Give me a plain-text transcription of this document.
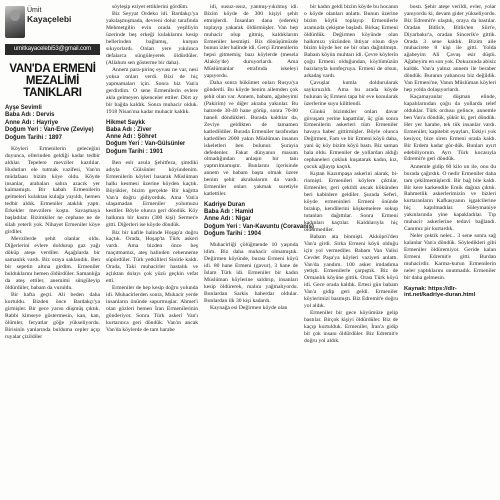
Ümit
Kayaçelebi
umitkayacelebi53@gmail.com
VAN'DA ERMENİ
MEZALİMİ
TANIKLARI
Ayşe Sevimli
Baba Adı : Dervis
Anne Adı : Hayriye
Doğum Yeri : Van-Erve (Zeviye)
Doğum Tarihi : 1897

Köyleri Ermenilerin geleceğini duyunca, ellerinden geldiği kadar tedbir aldılar. Tepelere mevziler kazdılar. Hudutları ele tutmak vazifesi, Van'ın müdafaası bizim köye oldu. Köyde insanlar, arabaları sahra azacık yer kalmamıştı. Bir kabah Ermenilerin gelmeleri kulaktan kulağa yayıldı, hemen tedbir aldık. Ermeniler ataklık yaptı. Erkekler mevzilere koştu. Savaşmaya başladılar. Bizimkiler ne cephane ne de silah yeterli yok. Nihayet Ermeniler köye girdiler.

Mevzilerde şehit olanlar oldu. Diğerlerini evlere doldurup gaz yağı döküp ateşe verdiler. Aşağılarda bir samanlık vardı. Biz oraya saklandık. Ben bir sepetin altına girdim. Ermeniler bulduklarını hemen öldürdüler. Samanlığa da ateş ettiler, anemimi süngüleyip öldürdüler, babam da vuruldu.

Bir hafta geçti. Ali beden daha kurtuldu. Bizden önce Bardakçı'ya girmişler. Bir gece yarısı düşmüş çıktık. Rabbi kimseye göstermesin, kan, kan, ölümler, feryatlar göğe yükseliyordu. Birisinin yanlarında bulduma cepler açıp ruyalar çizildiler

söyleşip eziyet ettiklerini gördüm.

Biz Seyyat Ordeko idi. Bardakçı'ya yakılaşmışmada, devreni dolur tarafında Mehmetgilin evin orada yeşilliyin üzerinde beş erkeği kulaklarını kesip bellerinden bağlamış, kurşun sıkıyorlardı. Onları yere yıkılınca defalarca süngüleyerek öldürdüler. (Allahım sen gösterme bir daha).

Annem para-pirinç eyvası ne var, nesi yoksa onları verdi. Bizi de hiç yapmamaları için. Sonra biz Van'a gerdirdim. O sene Ermenilerin evlere akla gelmeyen işkenceler ettiler. Dört ay bir bağda kaldık. Sonra muhacir olduk. 1918 Nisan'ına kadar muhacir kaldık.

Hikmet Saykk
Baba Adı : Ziver
Anne Adı : Şöhret
Doğum Yeri : Van-Gülsünler
Doğum Tarihi : 1901

Ben esir arsıla Şehitfeza, şimdiki adıyla Gülsünler köyündenim. Ermenilerin köyleri basarak Müslüman halkı kesmesi üzerine köyden kaçtık. Büyükler, bizim gerçekte Bir kağıtta Van'a doğru gidiyorduk. Ama Van'a ulaşamadan Ermeniler yolumuzu kestiler. Böyle olunca geri döndük. Köy halkının bir kısmı (300 kişi) Sermer'e gitti. Diğerleri ise köyde döndük.

Biz bir kafile halinde Hoşap'a doğru kaçtık. Orada, Hoşap'ta Türk askeri vardı. Ama bizden önce beş maçıtmamız, ateş halinden cehenneme süpürdüler. Türk yetkilileri Sinirle kaldı. Orada, Taki muhacirler hastalık ve açlıktan dolayı çok yüzü geçkin vefat etti.

Ermeniler de hep kesip doğru yolunda idi. Muhacirlerden sonra, Muhacir yerde insanların önünde sapurmuşlar. Ahmet'i olan gözleri hemen İran Ermenilerinin gönderiyor. Sonra Türk askeri Van'ı kurtarınca geri döndük. Van'ın ancak Van'da köylerde de tam harabe

idi, susuz-ıssız, yanmış-yıkılmış idi. Bizim köyde de 300 kişiyi şehit etmişlerdi. İnsanları dana (ederek) toplayıp yakarak öldürmüşler. Van hep muhacir olup gitmiş, kaldıklarım Ermeniler kesmişti. Biz dönüşümüzde bunun izler halinde idi. Gerçi Ermenilerin hepsi gitmemiş; bazı köylerde (mesela Alaköy'de) duruyorlardı. Ama Müslümanlar etrafında iskeleyi yapıyordu.

Daha sonra hükümet onları Rusya'ya gönderdi. Bu köyde benim ailemden çok şehit olan var. Annem, babam, ağabeyimi (Pakirim) ve diğer akraba yakınlar. Bu hatırede 30-40 hane görüp, sonra 70-80 haneli döndükleri. Burada kaldılar da, Zeviye geldikten de tamamen katledildiler. Burada Ermeniler tarafından katledilen 2000 yakın Müslüman insanın iskeletleri ben bulunur. Şurayia defedenler. Fakat dünyanın masum olmadığından anlaşın bir tanı yaptırılmamıştır. Bunlarını içerisinde annem ve babam başta olmak üzere benim şehit akrabalarım da vardı. Ermeniler onları yakmak suretiyle katlettiler.

Kadriye Duran
Baba Adı : Hamid
Anne Adı : Nigar
Doğum Yeri : Van-Kavuntu (Coravanis)
Doğum Tarihi : 1904

Muhacirliği çölüğmende 10 yaşında idim. Biz daha muhacir olmamıştık. Değirmen köyünde, burası Ermeni köyü idi. 80 hane Ermeni (gavur), 3 hane de İslam Türk idi. Ermeniler bir kadın Müslüman köylerine saldırıp, insanları kesip öldürerek, malını yağmalıyordu. Bunlardan Sarkis haberdar oldular. Bunlardan ilk 30 kişi kadardı.

Kaynağa esi Değirmen köyde olan

bir kadın geldi bizim köyde bu hocanın o köyde olanları anlattı. Bunun üzerine bizim köylü toplayıp Ermenilerle aramızda çekişme başladı. Birkaç Ermeni öldürdük. Değirmen köyünde olan halkımızı yüzünden ihtiyar olsun diye bizim köyde her ne bir olan dağıtılmıştı. Babam köyün muhtarı idi. Çevre köylerin çoğu Ermeni olduğundan, köylümüzün bazılarıyla konfeçruya. Ermeni de olsun, arkadaş vardı.

Çavuşlar kumla doldurularak saykıruzıldı. Ama bu arada köyde bulunan üç Ermeni tapa bir eve konularak üzerlerine suyu kilitlendi.

Günkü bizimkiler onları davar güvuşam yerine kapattılar, üç gün sonra Ermenilerin askerleri tüm Ermeniler havaya haber gittirmişler. Böyle olunca Değirmen, Fam ve bir Ermeni köyü daha, yani üç köy bizim köyü bastı. Biz saman bala oldu. Ermeniler de yollardan aldığı cephaneleri çokluk kuşatarak kadın, kız, çocuk ağlayıp kaçtık.

Kıştan Kazımpaşa askerini alarak, bi-rinmişti. Ermenileri köylere çıktılar. Ermeniler, geri çekildi ancak kökünden beri kabinlere geldiler. Şurada Seferi, köyde ermeninleri Ermeni önünde bırakıp, kendilerini köşkemelere sokup tutanları dağıttılar. Sonra Ermeni kadınları kaçtılar. Kaldılarıyla hiç öldürmediler.

Babam ata binmişti. Akköprü'den Van'a girdi. Sirka Ermeni köyü olduğu için yol vermediler. Babam Van Valisi Cevdet Paşa'ya köyleri vaziyeti anlattı. Van'da yandım. 100 asker imdadıma yetişti. Ermenilerle çarpıştık. Biz de Ormanlık köyüne gittik. Orası Türk köyü idi. Gece orada kaldık. Ertesi gün babam Van'a gidip geri geldi. Ermeniler köylerimizi basmıştı. Biz Edremit'e doğru yol aldık.

Ermeniler bir gece köyümüze gelip bastılar. Birçok kişiyi öldürdüler. Biz de kaçıp kurtulduk. Ermeniler, İran'a gidip bir çok insanı öldürdüler. Biz Edremit'e doğru yol aldık.

bostı. Şehir ateşe verildi, evler, yolar yanıyordu ki, devam gider yükseliyordu. Biz Edremit'e ulaştık, oraya da bastılar. Oradan Bitlis'e, Bitlis'ten Siirt'e, Diyarbakır'a, oradan Sincerik'e gittik. Orada 3 sene kaldık. Bizim aile muhacirete 8 kişi ile gitti. Yolda ağabeyim Ali Çavuş esir düştü. Ağabeyim en son yok. Dokuzunda abisiz kaldık. Van'a yalnız annem ile beraber döndük. Buranın yabancısı biz değildik. Van Ermeni'ne, Vanın Müslüman köyleri hep yolda dolaşıyorlardı.

Kaçamayanlar düşman elinde, kapalılarından çoğu da yollarda telef olduklar. Türk ordusu gelince, annemle ben Van'a döndük, şükür ki, geri döndük. Her yer harabe, tek tük insanlar vardı. Ermeniler, kapitebit eyayları, Eskiyi yok kesiyor, bize siren Ermeni orada kaldı. Bir Erdem kadar gör-dük. Bunları ayırt edebiliyorum. Ayrı Türk kocasıyla Edremit'e geri döndük.

Annemle gidip 60 kilo un ile, onu du burada çağırdık. O nedir Ermeniler daha tam çekilmemişlerdi. Bir bağ bile kaldı. Bir kere karkendile Emik dağına çıktık. Rahmetlik askerlerimizin ve bizleri kurtaranların Kafkasyanın işgalcilerine hiç kapılmadılar. Süleymaniye yakınlarında yine kapakladılar. Tıp muhacir askerlerine tedavi bağlandı. Canımız pir kurtardık.

Neler çektik neler... 3 sene sonra sağ kalanlar Van'a döndük. Söyledikleri gibi Ermeniler öldüremiyor. Geride kalan Ermeni Edremit'e gitti. Burdan muhacirdir. Karma-kurun Ermenilerin neler yaptıklarını unutmadık. Ermeniler bir daha gelmesin.

Kaynak: https://dlr-
int.net/kadriye-duran.html
